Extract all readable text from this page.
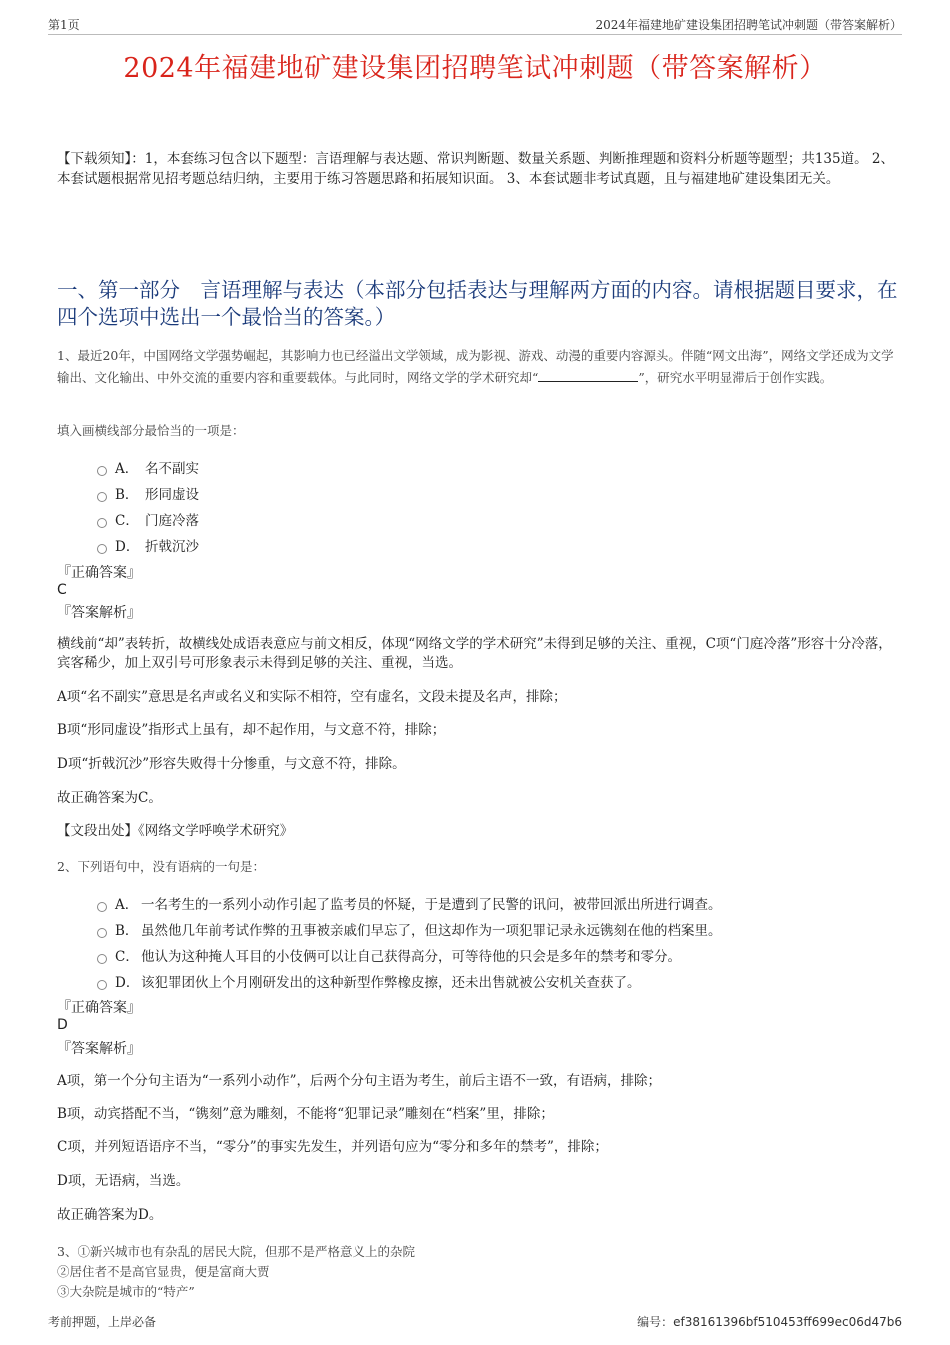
第1页	2024年福建地矿建设集团招聘笔试冲刺题（带答案解析）
2024年福建地矿建设集团招聘笔试冲刺题（带答案解析）
【下载须知】：1，本套练习包含以下题型：言语理解与表达题、常识判断题、数量关系题、判断推理题和资料分析题等题型；共135道。 2、本套试题根据常见招考题总结归纳，主要用于练习答题思路和拓展知识面。 3、本套试题非考试真题，且与福建地矿建设集团无关。
一、第一部分　言语理解与表达（本部分包括表达与理解两方面的内容。请根据题目要求，在四个选项中选出一个最恰当的答案。）
1、最近20年，中国网络文学强势崛起，其影响力也已经溢出文学领域，成为影视、游戏、动漫的重要内容源头。伴随“网文出海”，网络文学还成为文学输出、文化输出、中外交流的重要内容和重要载体。与此同时，网络文学的学术研究却“	”，研究水平明显滞后于创作实践。
填入画横线部分最恰当的一项是：
A． 名不副实
B． 形同虚设
C． 门庭冷落
D． 折戟沉沙
『正确答案』
C
『答案解析』
横线前“却”表转折，故横线处成语表意应与前文相反，体现“网络文学的学术研究”未得到足够的关注、重视，C项“门庭冷落”形容十分冷落，宾客稀少，加上双引号可形象表示未得到足够的关注、重视，当选。
A项“名不副实”意思是名声或名义和实际不相符，空有虚名，文段未提及名声，排除；
B项“形同虚设”指形式上虽有，却不起作用，与文意不符，排除；
D项“折戟沉沙”形容失败得十分惨重，与文意不符，排除。
故正确答案为C。
【文段出处】《网络文学呼唤学术研究》
2、下列语句中，没有语病的一句是：
A． 一名考生的一系列小动作引起了监考员的怀疑，于是遭到了民警的讯问，被带回派出所进行调查。
B． 虽然他几年前考试作弊的丑事被亲戚们早忘了，但这却作为一项犯罪记录永远镌刻在他的档案里。
C． 他认为这种掩人耳目的小伎俩可以让自己获得高分，可等待他的只会是多年的禁考和零分。
D． 该犯罪团伙上个月刚研发出的这种新型作弊橡皮擦，还未出售就被公安机关查获了。
『正确答案』
D
『答案解析』
A项，第一个分句主语为“一系列小动作”，后两个分句主语为考生，前后主语不一致，有语病，排除；
B项，动宾搭配不当，“镌刻”意为雕刻，不能将“犯罪记录”雕刻在“档案”里，排除；
C项，并列短语语序不当，“零分”的事实先发生，并列语句应为“零分和多年的禁考”，排除；
D项，无语病，当选。
故正确答案为D。
3、①新兴城市也有杂乱的居民大院，但那不是严格意义上的杂院
②居住者不是高官显贵，便是富商大贾
③大杂院是城市的“特产”
考前押题，上岸必备	编号：ef38161396bf510453ff699ec06d47b6
